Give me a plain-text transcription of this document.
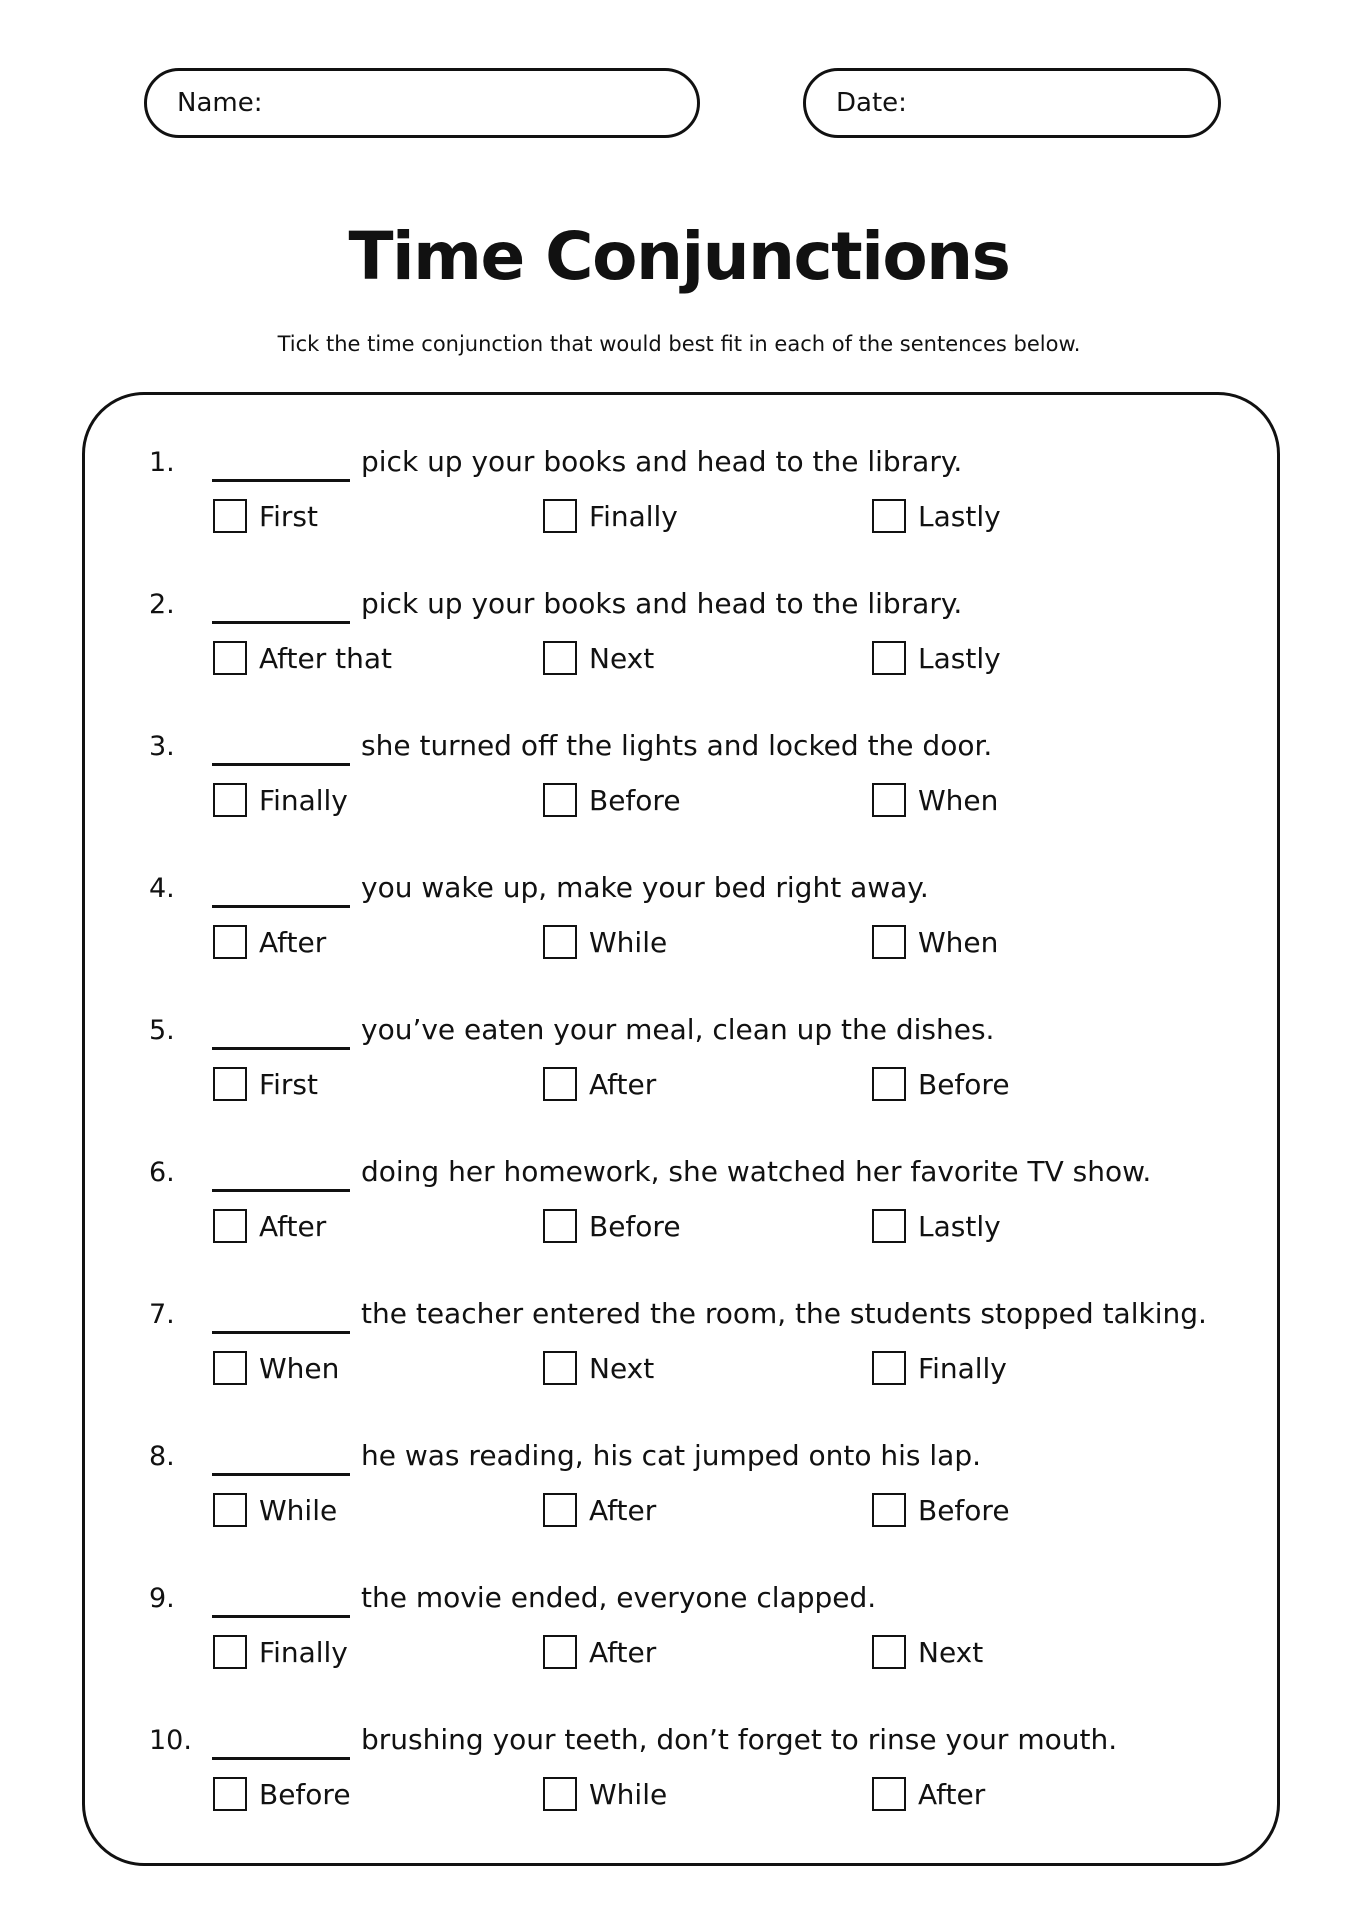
Name:	Date:
Time Conjunctions
Tick the time conjunction that would best fit in each of the sentences below.
1.	pick up your books and head to the library.
First	Finally	Lastly
2.	pick up your books and head to the library.
After that	Next	Lastly
3.	she turned off the lights and locked the door.
Finally	Before	When
4.	you wake up, make your bed right away.
After	While	When
5.	you’ve eaten your meal, clean up the dishes.
First	After	Before
6.	doing her homework, she watched her favorite TV show.
After	Before	Lastly
7.	the teacher entered the room, the students stopped talking.
When	Next	Finally
8.	he was reading, his cat jumped onto his lap.
While	After	Before
9.	the movie ended, everyone clapped.
Finally	After	Next
10.	brushing your teeth, don’t forget to rinse your mouth.
Before	While	After
